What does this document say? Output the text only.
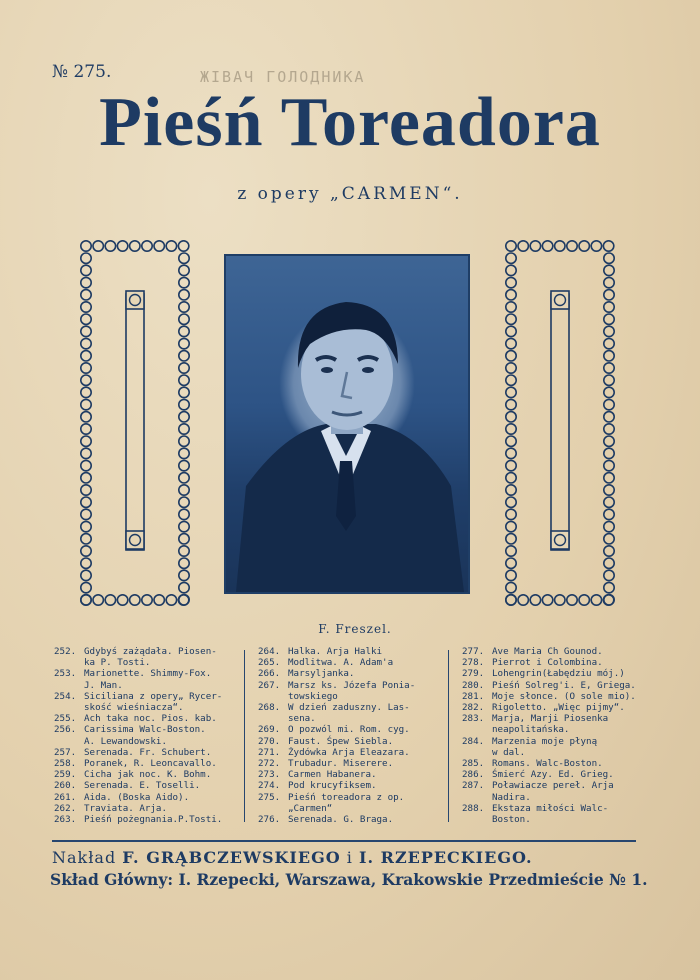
ЖІВАЧ ГОЛОДНИКА
№ 275.
Pieśń Toreadora
z opery „CARMEN“.
F. Freszel.
252. Gdybyś zażądała. Piosen-
ka P. Tosti.
253. Marionette. Shimmy-Fox.
J. Man.
254. Siciliana z opery„ Rycer-
skość wieśniacza“.
255. Ach taka noc. Pios. kab.
256. Carissima Walc-Boston.
A. Lewandowski.
257. Serenada. Fr. Schubert.
258. Poranek, R. Leoncavallo.
259. Cicha jak noc. K. Bohm.
260. Serenada. E. Toselli.
261. Aida. (Boska Aido).
262. Traviata. Arja.
263. Pieśń pożegnania.P.Tosti.
264. Halka. Arja Halki
265. Modlitwa. A. Adam'a
266. Marsyljanka.
267. Marsz ks. Józefa Ponia-
towskiego
268. W dzień zaduszny. Las-
sena.
269. O pozwól mi. Rom. cyg.
270. Faust. Śpew Siebla.
271. Żydówka Arja Eleazara.
272. Trubadur. Miserere.
273. Carmen Habanera.
274. Pod krucyfiksem.
275. Pieśń toreadora z op.
„Carmen“
276. Serenada. G. Braga.
277. Ave Maria Ch Gounod.
278. Pierrot i Colombina.
279. Lohengrin(Łabędziu mój.)
280. Pieśń Solreg'i. E, Griega.
281. Moje słonce. (O sole mio).
282. Rigoletto. „Więc pijmy“.
283. Marja, Marji Piosenka
neapolitańska.
284. Marzenia moje płyną
w dal.
285. Romans. Walc-Boston.
286. Śmierć Azy. Ed. Grieg.
287. Poławiacze pereł. Arja
Nadira.
288. Ekstaza miłości Walc-
Boston.
Nakład F. GRĄBCZEWSKIEGO i I. RZEPECKIEGO.
Skład Główny: I. Rzepecki, Warszawa, Krakowskie Przedmieście № 1.
